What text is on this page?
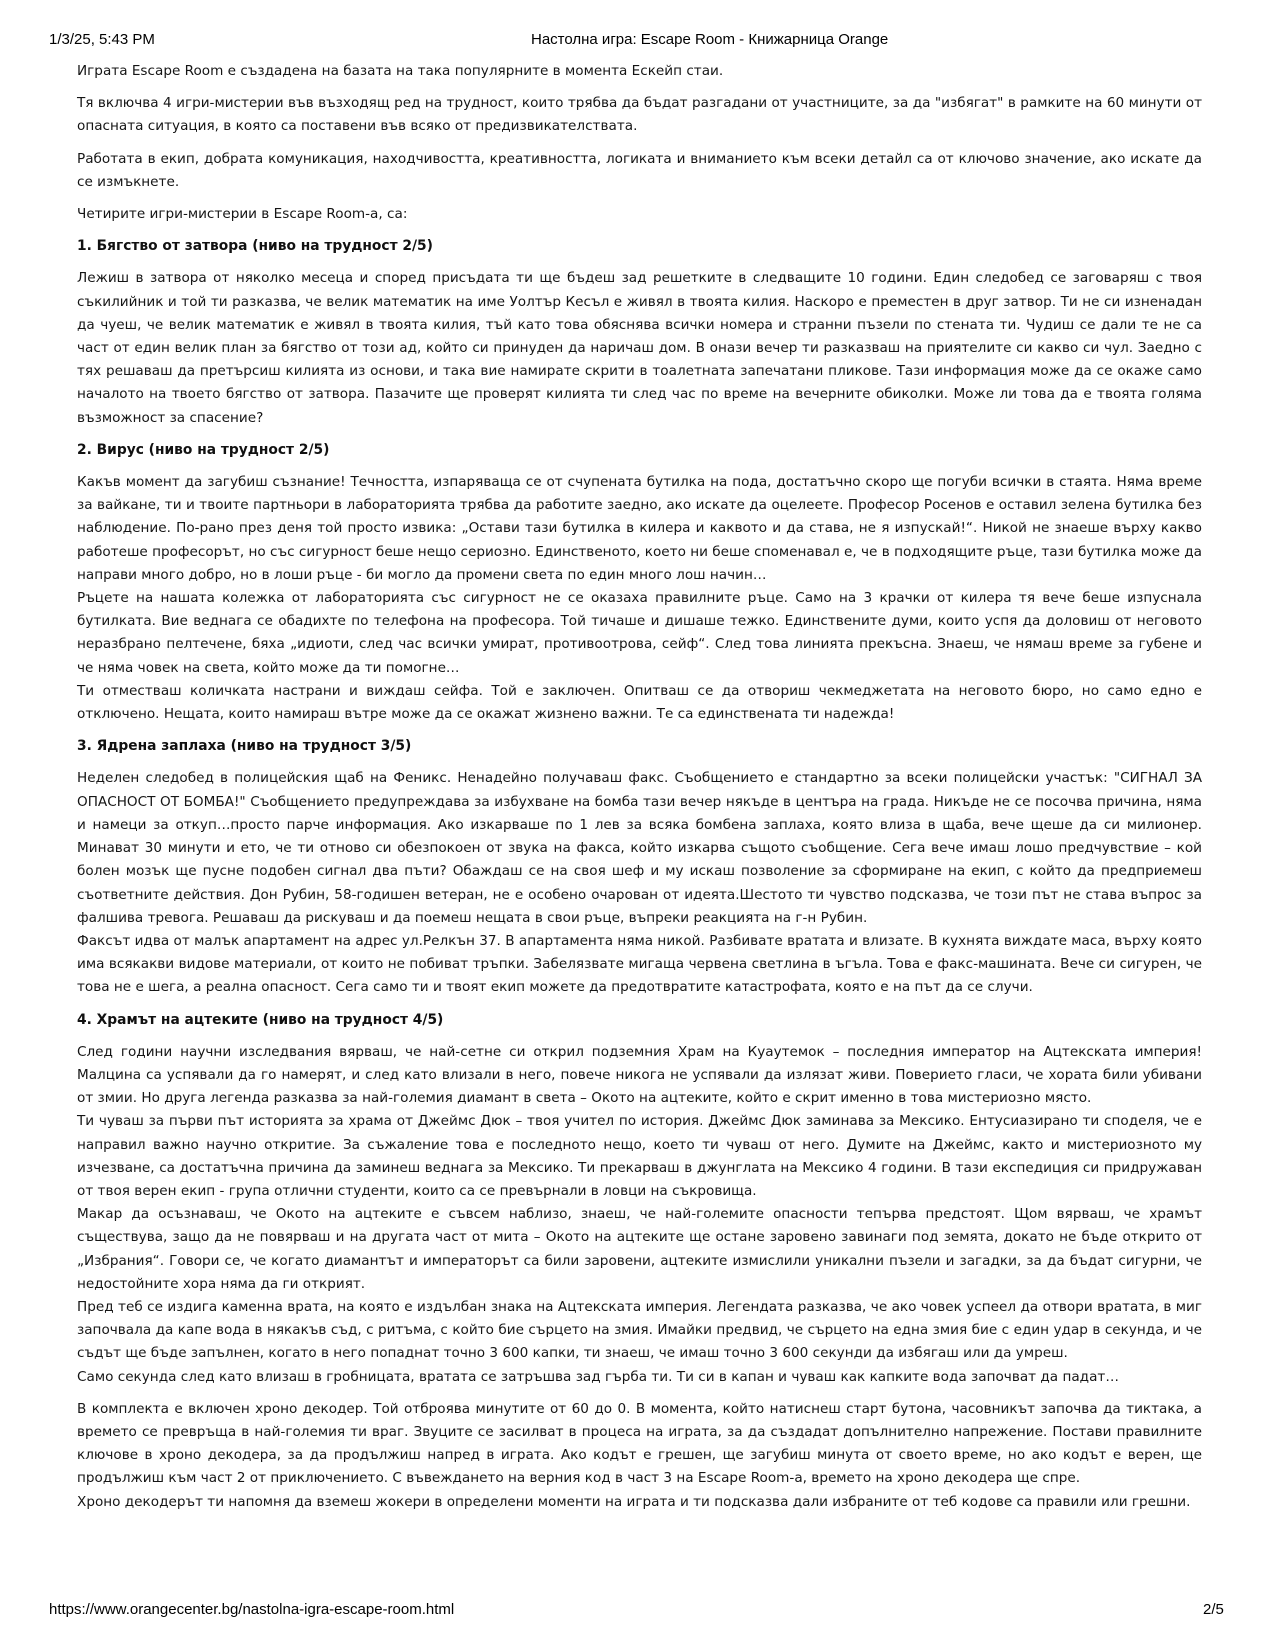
1/3/25, 5:43 PM	Настолна игра: Escape Room - Книжарница Orange

Играта Escape Room е създадена на базата на така популярните в момента Ескейп стаи.

Тя включва 4 игри-мистерии във възходящ ред на трудност, които трябва да бъдат разгадани от участниците, за да "избягат" в рамките на 60 минути от опасната ситуация, в която са поставени във всяко от предизвикателствата.

Работата в екип, добрата комуникация, находчивостта, креативността, логиката и вниманието към всеки детайл са от ключово значение, ако искате да се измъкнете.

Четирите игри-мистерии в Escape Room-а, са:

1. Бягство от затвора (ниво на трудност 2/5)

Лежиш в затвора от няколко месеца и според присъдата ти ще бъдеш зад решетките в следващите 10 години. Един следобед се заговаряш с твоя съкилийник и той ти разказва, че велик математик на име Уолтър Кесъл е живял в твоята килия. Наскоро е преместен в друг затвор. Ти не си изненадан да чуеш, че велик математик е живял в твоята килия, тъй като това обяснява всички номера и странни пъзели по стената ти. Чудиш се дали те не са част от един велик план за бягство от този ад, който си принуден да наричаш дом. В онази вечер ти разказваш на приятелите си какво си чул. Заедно с тях решаваш да претърсиш килията из основи, и така вие намирате скрити в тоалетната запечатани пликове. Тази информация може да се окаже само началото на твоето бягство от затвора. Пазачите ще проверят килията ти след час по време на вечерните обиколки. Може ли това да е твоята голяма възможност за спасение?

2. Вирус (ниво на трудност 2/5)

Какъв момент да загубиш съзнание! Течността, изпаряваща се от счупената бутилка на пода, достатъчно скоро ще погуби всички в стаята. Няма време за вайкане, ти и твоите партньори в лабораторията трябва да работите заедно, ако искате да оцелеете. Професор Росенов е оставил зелена бутилка без наблюдение. По-рано през деня той просто извика: „Остави тази бутилка в килера и каквото и да става, не я изпускай!“. Никой не знаеше върху какво работеше професорът, но със сигурност беше нещо сериозно. Единственото, което ни беше споменавал е, че в подходящите ръце, тази бутилка може да направи много добро, но в лоши ръце - би могло да промени света по един много лош начин…

Ръцете на нашата колежка от лабораторията със сигурност не се оказаха правилните ръце. Само на 3 крачки от килера тя вече беше изпуснала бутилката. Вие веднага се обадихте по телефона на професора. Той тичаше и дишаше тежко. Единствените думи, които успя да доловиш от неговото неразбрано пелтечене, бяха „идиоти, след час всички умират, противоотрова, сейф“. След това линията прекъсна. Знаеш, че нямаш време за губене и че няма човек на света, който може да ти помогне…

Ти отместваш количката настрани и виждаш сейфа. Той е заключен. Опитваш се да отвориш чекмеджетата на неговото бюро, но само едно е отключено. Нещата, които намираш вътре може да се окажат жизнено важни. Те са единствената ти надежда!

3. Ядрена заплаха (ниво на трудност 3/5)

Неделен следобед в полицейския щаб на Феникс. Ненадейно получаваш факс. Съобщението е стандартно за всеки полицейски участък: "СИГНАЛ ЗА ОПАСНОСТ ОТ БОМБА!" Съобщението предупреждава за избухване на бомба тази вечер някъде в центъра на града. Никъде не се посочва причина, няма и намеци за откуп…просто парче информация. Ако изкарваше по 1 лев за всяка бомбена заплаха, която влиза в щаба, вече щеше да си милионер. Минават 30 минути и ето, че ти отново си обезпокоен от звука на факса, който изкарва същото съобщение. Сега вече имаш лошо предчувствие – кой болен мозък ще пусне подобен сигнал два пъти? Обаждаш се на своя шеф и му искаш позволение за сформиране на екип, с който да предприемеш съответните действия. Дон Рубин, 58-годишен ветеран, не е особено очарован от идеята.Шестото ти чувство подсказва, че този път не става въпрос за фалшива тревога. Решаваш да рискуваш и да поемеш нещата в свои ръце, въпреки реакцията на г-н Рубин.

Факсът идва от малък апартамент на адрес ул.Релкън 37. В апартамента няма никой. Разбивате вратата и влизате. В кухнята виждате маса, върху която има всякакви видове материали, от които не побиват тръпки. Забелязвате мигаща червена светлина в ъгъла. Това е факс-машината. Вече си сигурен, че това не е шега, а реална опасност. Сега само ти и твоят екип можете да предотвратите катастрофата, която е на път да се случи.

4. Храмът на ацтеките (ниво на трудност 4/5)

След години научни изследвания вярваш, че най-сетне си открил подземния Храм на Куаутемок – последния император на Ацтекската империя! Малцина са успявали да го намерят, и след като влизали в него, повече никога не успявали да излязат живи. Повериeто гласи, че хората били убивани от змии. Но друга легенда разказва за най-големия диамант в света – Окото на ацтеките, който е скрит именно в това мистериозно място.

Ти чуваш за първи път историята за храма от Джеймс Дюк – твоя учител по история. Джеймс Дюк заминава за Мексико. Ентусиазирано ти споделя, че е направил важно научно откритие. За съжаление това е последното нещо, което ти чуваш от него. Думите на Джеймс, както и мистериозното му изчезване, са достатъчна причина да заминеш веднага за Мексико. Ти прекарваш в джунглата на Мексико 4 години. В тази експедиция си придружаван от твоя верен екип - група отлични студенти, които са се превърнали в ловци на съкровища.

Макар да осъзнаваш, че Окото на ацтеките е съвсем наблизо, знаеш, че най-големите опасности тепърва предстоят. Щом вярваш, че храмът съществува, защо да не повярваш и на другата част от мита – Окото на ацтеките ще остане заровено завинаги под земята, докато не бъде открито от „Избрания“. Говори се, че когато диамантът и императорът са били заровени, ацтеките измислили уникални пъзели и загадки, за да бъдат сигурни, че недостойните хора няма да ги открият.

Пред теб се издига каменна врата, на която е издълбан знака на Ацтекската империя. Легендата разказва, че ако човек успеел да отвори вратата, в миг започвала да капе вода в някакъв съд, с ритъма, с който бие сърцето на змия. Имайки предвид, че сърцето на една змия бие с един удар в секунда, и че съдът ще бъде запълнен, когато в него попаднат точно 3 600 капки, ти знаеш, че имаш точно 3 600 секунди да избягаш или да умреш.

Само секунда след като влизаш в гробницата, вратата се затръшва зад гърба ти. Ти си в капан и чуваш как капките вода започват да падат…

В комплекта е включен хроно декодер. Той отброява минутите от 60 до 0. В момента, който натиснеш старт бутона, часовникът започва да тиктака, а времето се превръща в най-големия ти враг. Звуците се засилват в процеса на играта, за да създадат допълнително напрежение. Постави правилните ключове в хроно декодера, за да продължиш напред в играта. Ако кодът е грешен, ще загубиш минута от своето време, но ако кодът е верен, ще продължиш към част 2 от приключението. С въвеждането на верния код в част 3 на Escape Room-а, времето на хроно декодера ще спре.

Хроно декодерът ти напомня да вземеш жокери в определени моменти на играта и ти подсказва дали избраните от теб кодове са правили или грешни.

https://www.orangecenter.bg/nastolna-igra-escape-room.html	2/5
